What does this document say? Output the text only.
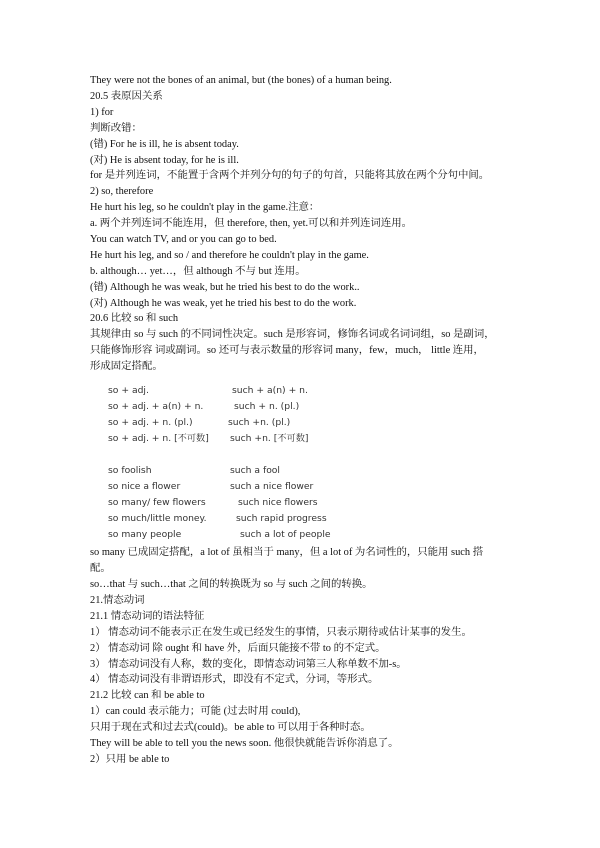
They were not the bones of an animal, but (the bones) of a human being.
20.5 表原因关系
1) for
判断改错：
(错) For he is ill, he is absent today.
(对) He is absent today, for he is ill.
for 是并列连词，不能置于含两个并列分句的句子的句首，只能将其放在两个分句中间。
2) so, therefore
He hurt his leg, so he couldn't play in the game.注意：
a. 两个并列连词不能连用，但 therefore, then, yet.可以和并列连词连用。
You can watch TV, and or you can go to bed.
He hurt his leg, and so / and therefore he couldn't play in the game.
b. although… yet…，但 although 不与 but 连用。
(错) Although he was weak, but he tried his best to do the work..
(对) Although he was weak, yet he tried his best to do the work.
20.6 比较 so 和 such
其规律由 so 与 such 的不同词性决定。such 是形容词，修饰名词或名词词组，so 是副词，
只能修饰形容 词或副词。so 还可与表示数量的形容词 many，few，much， little 连用，
形成固定搭配。
so + adj.	such + a(n) + n.
so + adj. + a(n) + n.	such + n. (pl.)
so + adj. + n. (pl.)	such +n. (pl.)
so + adj. + n. [不可数] such +n. [不可数]
so foolish	such a fool
so nice a flower	such a nice flower
so many/ few flowers	such nice flowers
so much/little money.	such rapid progress
so many people	such a lot of people
so many 已成固定搭配，a lot of 虽相当于 many，但 a lot of 为名词性的，只能用 such 搭
配。
so…that 与 such…that 之间的转换既为 so 与 such 之间的转换。
21.情态动词
21.1 情态动词的语法特征
1） 情态动词不能表示正在发生或已经发生的事情，只表示期待或估计某事的发生。
2） 情态动词 除 ought 和 have 外，后面只能接不带 to 的不定式。
3） 情态动词没有人称，数的变化，即情态动词第三人称单数不加-s。
4） 情态动词没有非谓语形式，即没有不定式，分词，等形式。
21.2 比较 can 和 be able to
1）can could 表示能力；可能 (过去时用 could),
只用于现在式和过去式(could)。be able to 可以用于各种时态。
They will be able to tell you the news soon. 他很快就能告诉你消息了。
2）只用 be able to
